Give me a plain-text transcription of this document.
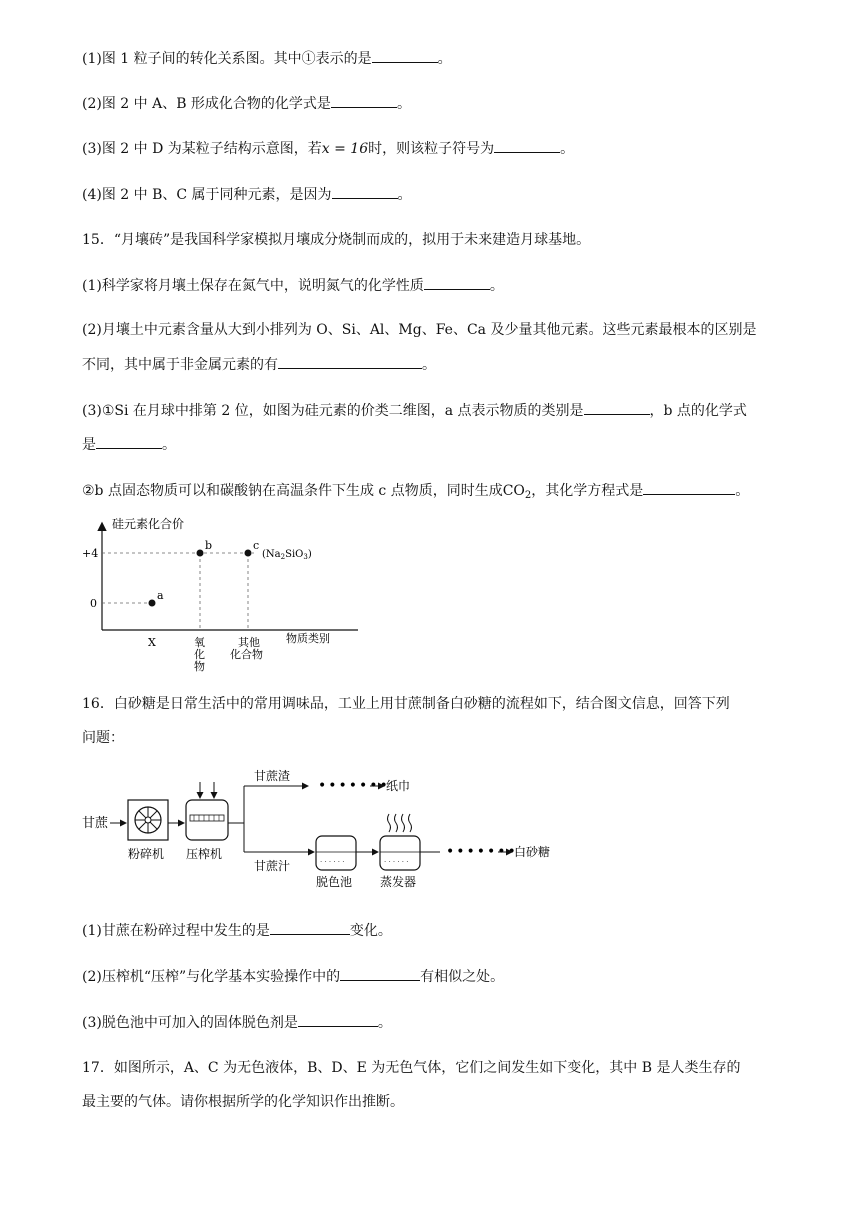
(1)图 1 粒子间的转化关系图。其中①表示的是	。
(2)图 2 中 A、B 形成化合物的化学式是	。
(3)图 2 中 D 为某粒子结构示意图，若x = 16时，则该粒子符号为	。
(4)图 2 中 B、C 属于同种元素，是因为	。
15．“月壤砖”是我国科学家模拟月壤成分烧制而成的，拟用于未来建造月球基地。
(1)科学家将月壤土保存在氮气中，说明氮气的化学性质	。
(2)月壤土中元素含量从大到小排列为 O、Si、Al、Mg、Fe、Ca 及少量其他元素。这些元素最根本的区别是
不同，其中属于非金属元素的有	。
(3)①Si 在月球中排第 2 位，如图为硅元素的价类二维图，a 点表示物质的类别是	，b 点的化学式
是	。
②b 点固态物质可以和碳酸钠在高温条件下生成 c 点物质，同时生成$CO_2$，其化学方程式是	。
硅元素化合价
物质类别
+4
0
a
b	c
$(Na_2SiO_3)$
X	氧
化
物
其他
化合物
16．白砂糖是日常生活中的常用调味品，工业上用甘蔗制备白砂糖的流程如下，结合图文信息，回答下列
问题：
甘蔗
粉碎机 压榨机
甘蔗渣
•••••••
纸巾
甘蔗汁	· · · · · ·
脱色池
· · · · · ·
蒸发器
•••••••
白砂糖
(1)甘蔗在粉碎过程中发生的是	变化。
(2)压榨机“压榨”与化学基本实验操作中的	有相似之处。
(3)脱色池中可加入的固体脱色剂是	。
17．如图所示，A、C 为无色液体，B、D、E 为无色气体，它们之间发生如下变化，其中 B 是人类生存的
最主要的气体。请你根据所学的化学知识作出推断。
